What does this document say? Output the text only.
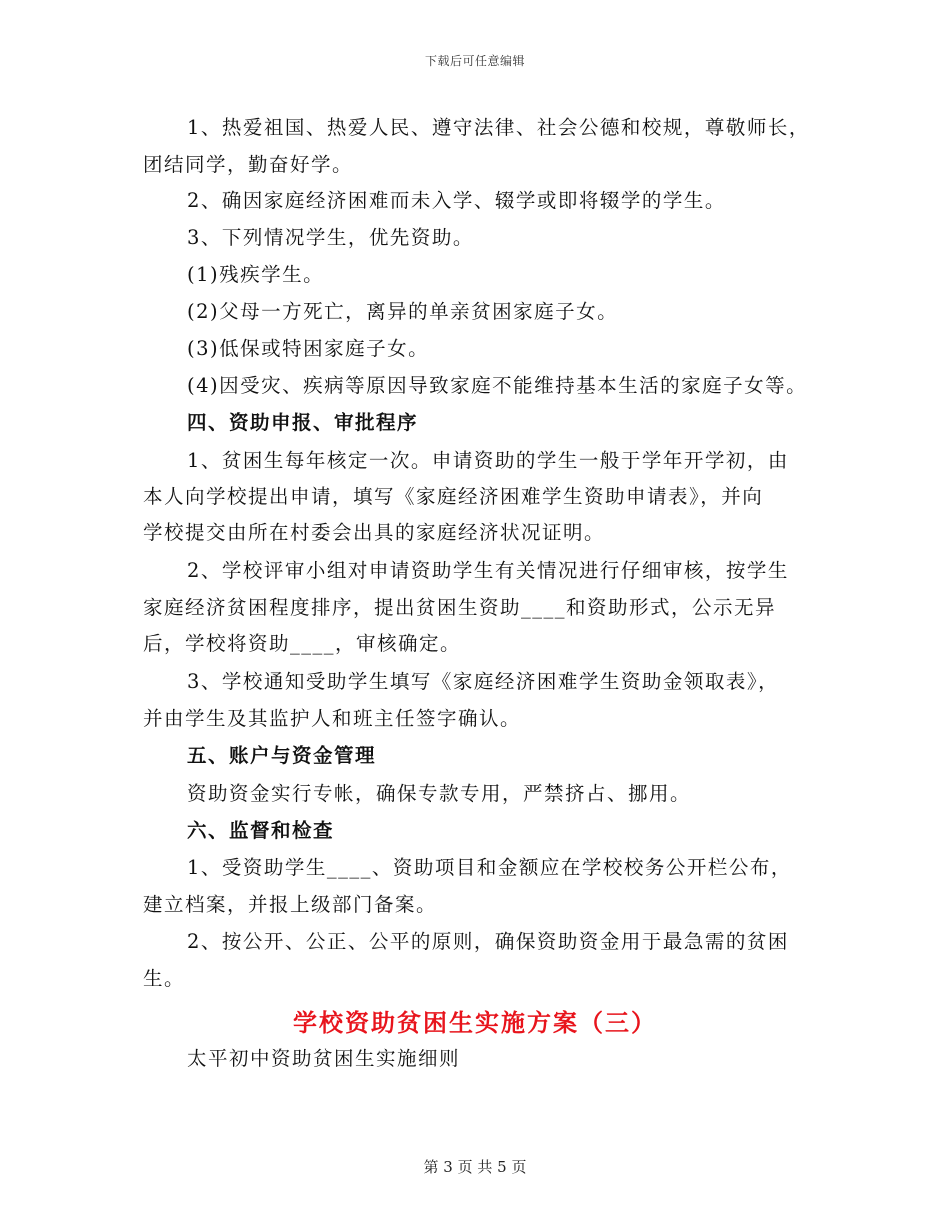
下载后可任意编辑
1、热爱祖国、热爱人民、遵守法律、社会公德和校规，尊敬师长，
团结同学，勤奋好学。
2、确因家庭经济困难而未入学、辍学或即将辍学的学生。
3、下列情况学生，优先资助。
(1)残疾学生。
(2)父母一方死亡，离异的单亲贫困家庭子女。
(3)低保或特困家庭子女。
(4)因受灾、疾病等原因导致家庭不能维持基本生活的家庭子女等。
四、资助申报、审批程序
1、贫困生每年核定一次。申请资助的学生一般于学年开学初，由
本人向学校提出申请，填写《家庭经济困难学生资助申请表》，并向
学校提交由所在村委会出具的家庭经济状况证明。
2、学校评审小组对申请资助学生有关情况进行仔细审核，按学生
家庭经济贫困程度排序，提出贫困生资助____和资助形式，公示无异
后，学校将资助____，审核确定。
3、学校通知受助学生填写《家庭经济困难学生资助金领取表》，
并由学生及其监护人和班主任签字确认。
五、账户与资金管理
资助资金实行专帐，确保专款专用，严禁挤占、挪用。
六、监督和检查
1、受资助学生____、资助项目和金额应在学校校务公开栏公布，
建立档案，并报上级部门备案。
2、按公开、公正、公平的原则，确保资助资金用于最急需的贫困
生。
学校资助贫困生实施方案（三）
太平初中资助贫困生实施细则
第 3 页 共 5 页
